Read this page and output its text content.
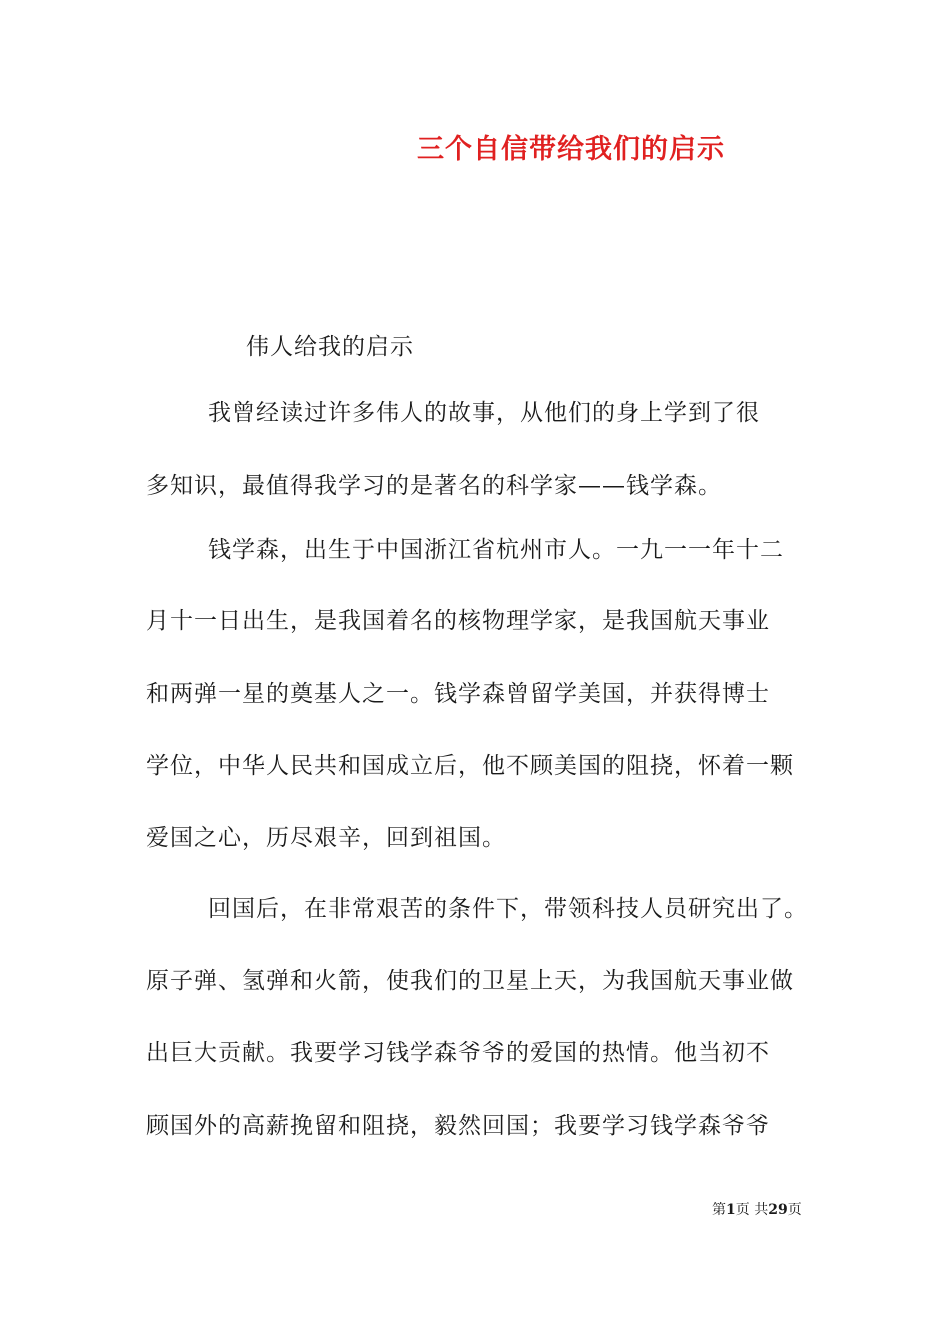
三个自信带给我们的启示
伟人给我的启示
我曾经读过许多伟人的故事，从他们的身上学到了很
多知识，最值得我学习的是著名的科学家——钱学森。
钱学森，出生于中国浙江省杭州市人。一九一一年十二
月十一日出生，是我国着名的核物理学家，是我国航天事业
和两弹一星的奠基人之一。钱学森曾留学美国，并获得博士
学位，中华人民共和国成立后，他不顾美国的阻挠，怀着一颗
爱国之心，历尽艰辛，回到祖国。
回国后，在非常艰苦的条件下，带领科技人员研究出了。
原子弹、氢弹和火箭，使我们的卫星上天，为我国航天事业做
出巨大贡献。我要学习钱学森爷爷的爱国的热情。他当初不
顾国外的高薪挽留和阻挠，毅然回国；我要学习钱学森爷爷
第1页 共29页
